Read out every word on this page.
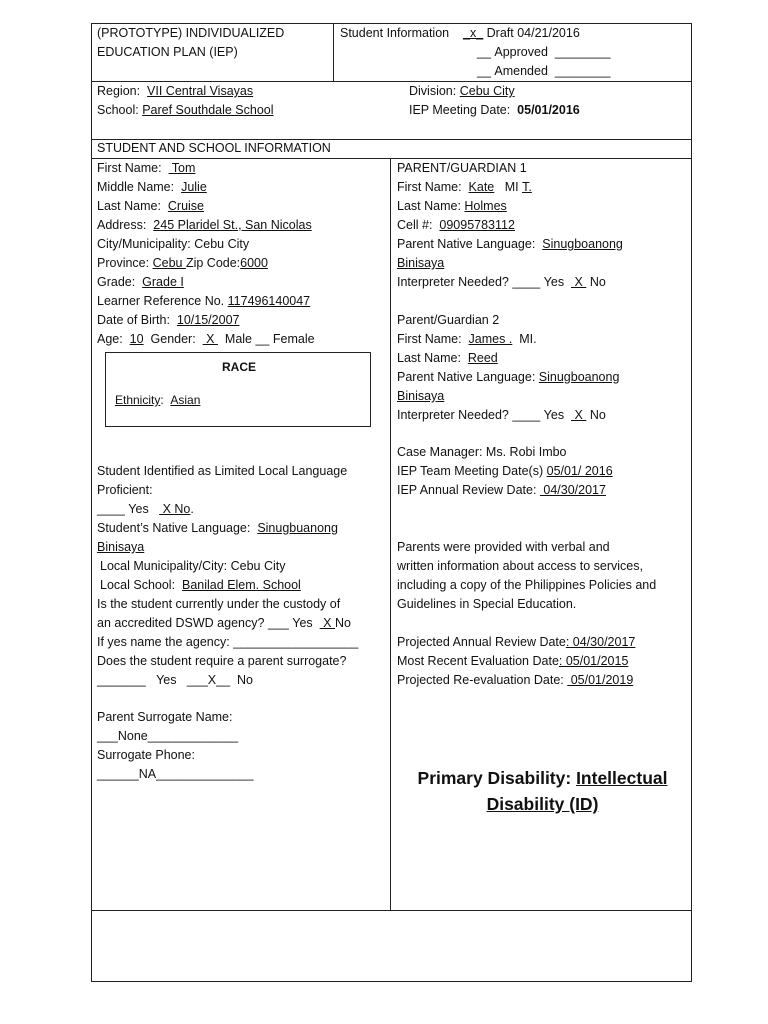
(PROTOTYPE) INDIVIDUALIZED
EDUCATION PLAN (IEP)
Student Information _x_ Draft 04/21/2016
__ Approved ________
__ Amended ________
Region: VII Central Visayas	Division: Cebu City
School: Paref Southdale School	IEP Meeting Date: 05/01/2016
STUDENT AND SCHOOL INFORMATION
First Name:   Tom
Middle Name: Julie
Last Name: Cruise
Address: 245 Plaridel St., San Nicolas
City/Municipality: Cebu City
Province: Cebu Zip Code:6000
Grade: Grade I
Learner Reference No. 117496140047
Date of Birth: 10/15/2007
Age: 10 Gender:   X   Male __ Female
RACE
Ethnicity:  Asian
Student Identified as Limited Local Language
Proficient:
____ Yes    X No.
Student’s Native Language: Sinugbuanong
Binisaya
Local Municipality/City: Cebu City
Local School: Banilad Elem. School
Is the student currently under the custody of
an accredited DSWD agency? ___ Yes   X No
If yes name the agency: __________________
Does the student require a parent surrogate?
_______ Yes ___X__ No
Parent Surrogate Name:
___None_____________
Surrogate Phone:
______NA______________
PARENT/GUARDIAN 1
First Name: Kate MI T.
Last Name: Holmes
Cell #: 09095783112
Parent Native Language: Sinugboanong
Binisaya
Interpreter Needed? ____ Yes   X  No
Parent/Guardian 2
First Name: James . MI.
Last Name: Reed
Parent Native Language: Sinugboanong
Binisaya
Interpreter Needed? ____ Yes   X  No
Case Manager: Ms. Robi Imbo
IEP Team Meeting Date(s) 05/01/ 2016
IEP Annual Review Date:  04/30/2017
Parents were provided with verbal and
written information about access to services,
including a copy of the Philippines Policies and
Guidelines in Special Education.
Projected Annual Review Date: 04/30/2017
Most Recent Evaluation Date: 05/01/2015
Projected Re-evaluation Date:  05/01/2019
Primary Disability: Intellectual
Disability (ID)
